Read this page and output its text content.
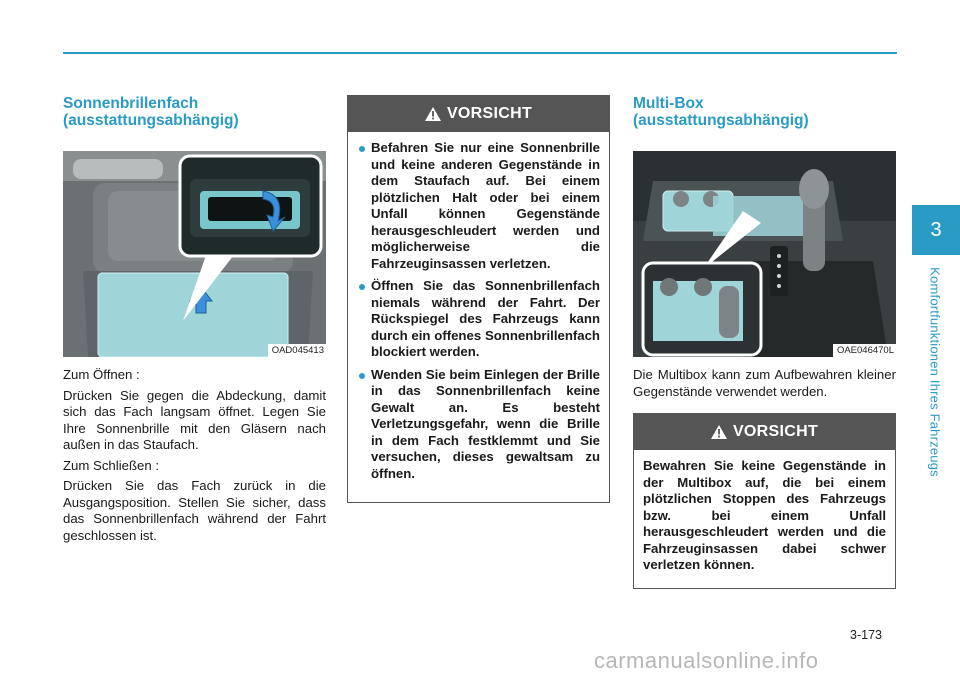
Sonnenbrillenfach
(ausstattungsabhängig)
OAD045413

Zum Öffnen :

Drücken Sie gegen die Abdeckung, damit sich das Fach langsam öffnet. Legen Sie Ihre Sonnenbrille mit den Gläsern nach außen in das Staufach.

Zum Schließen :

Drücken Sie das Fach zurück in die Ausgangsposition. Stellen Sie sicher, dass das Sonnenbrillenfach während der Fahrt geschlossen ist.

VORSICHT
Befahren Sie nur eine Sonnenbrille und keine anderen Gegenstände in dem Staufach auf. Bei einem plötzlichen Halt oder bei einem Unfall können Gegenstände herausgeschleudert werden und möglicherweise die Fahrzeuginsassen verletzen.
Öffnen Sie das Sonnenbrillenfach niemals während der Fahrt. Der Rückspiegel des Fahrzeugs kann durch ein offenes Sonnenbrillenfach blockiert werden.
Wenden Sie beim Einlegen der Brille in das Sonnenbrillenfach keine Gewalt an. Es besteht Verletzungsgefahr, wenn die Brille in dem Fach festklemmt und Sie versuchen, dieses gewaltsam zu öffnen.
Multi-Box
(ausstattungsabhängig)
OAE046470L

Die Multibox kann zum Aufbewahren kleiner Gegenstände verwendet werden.

VORSICHT
Bewahren Sie keine Gegenstände in der Multibox auf, die bei einem plötzlichen Stoppen des Fahrzeugs bzw. bei einem Unfall herausgeschleudert werden und die Fahrzeuginsassen dabei schwer verletzen können.
3
Komfortfunktionen Ihres Fahrzeugs
3-173
carmanualsonline.info
